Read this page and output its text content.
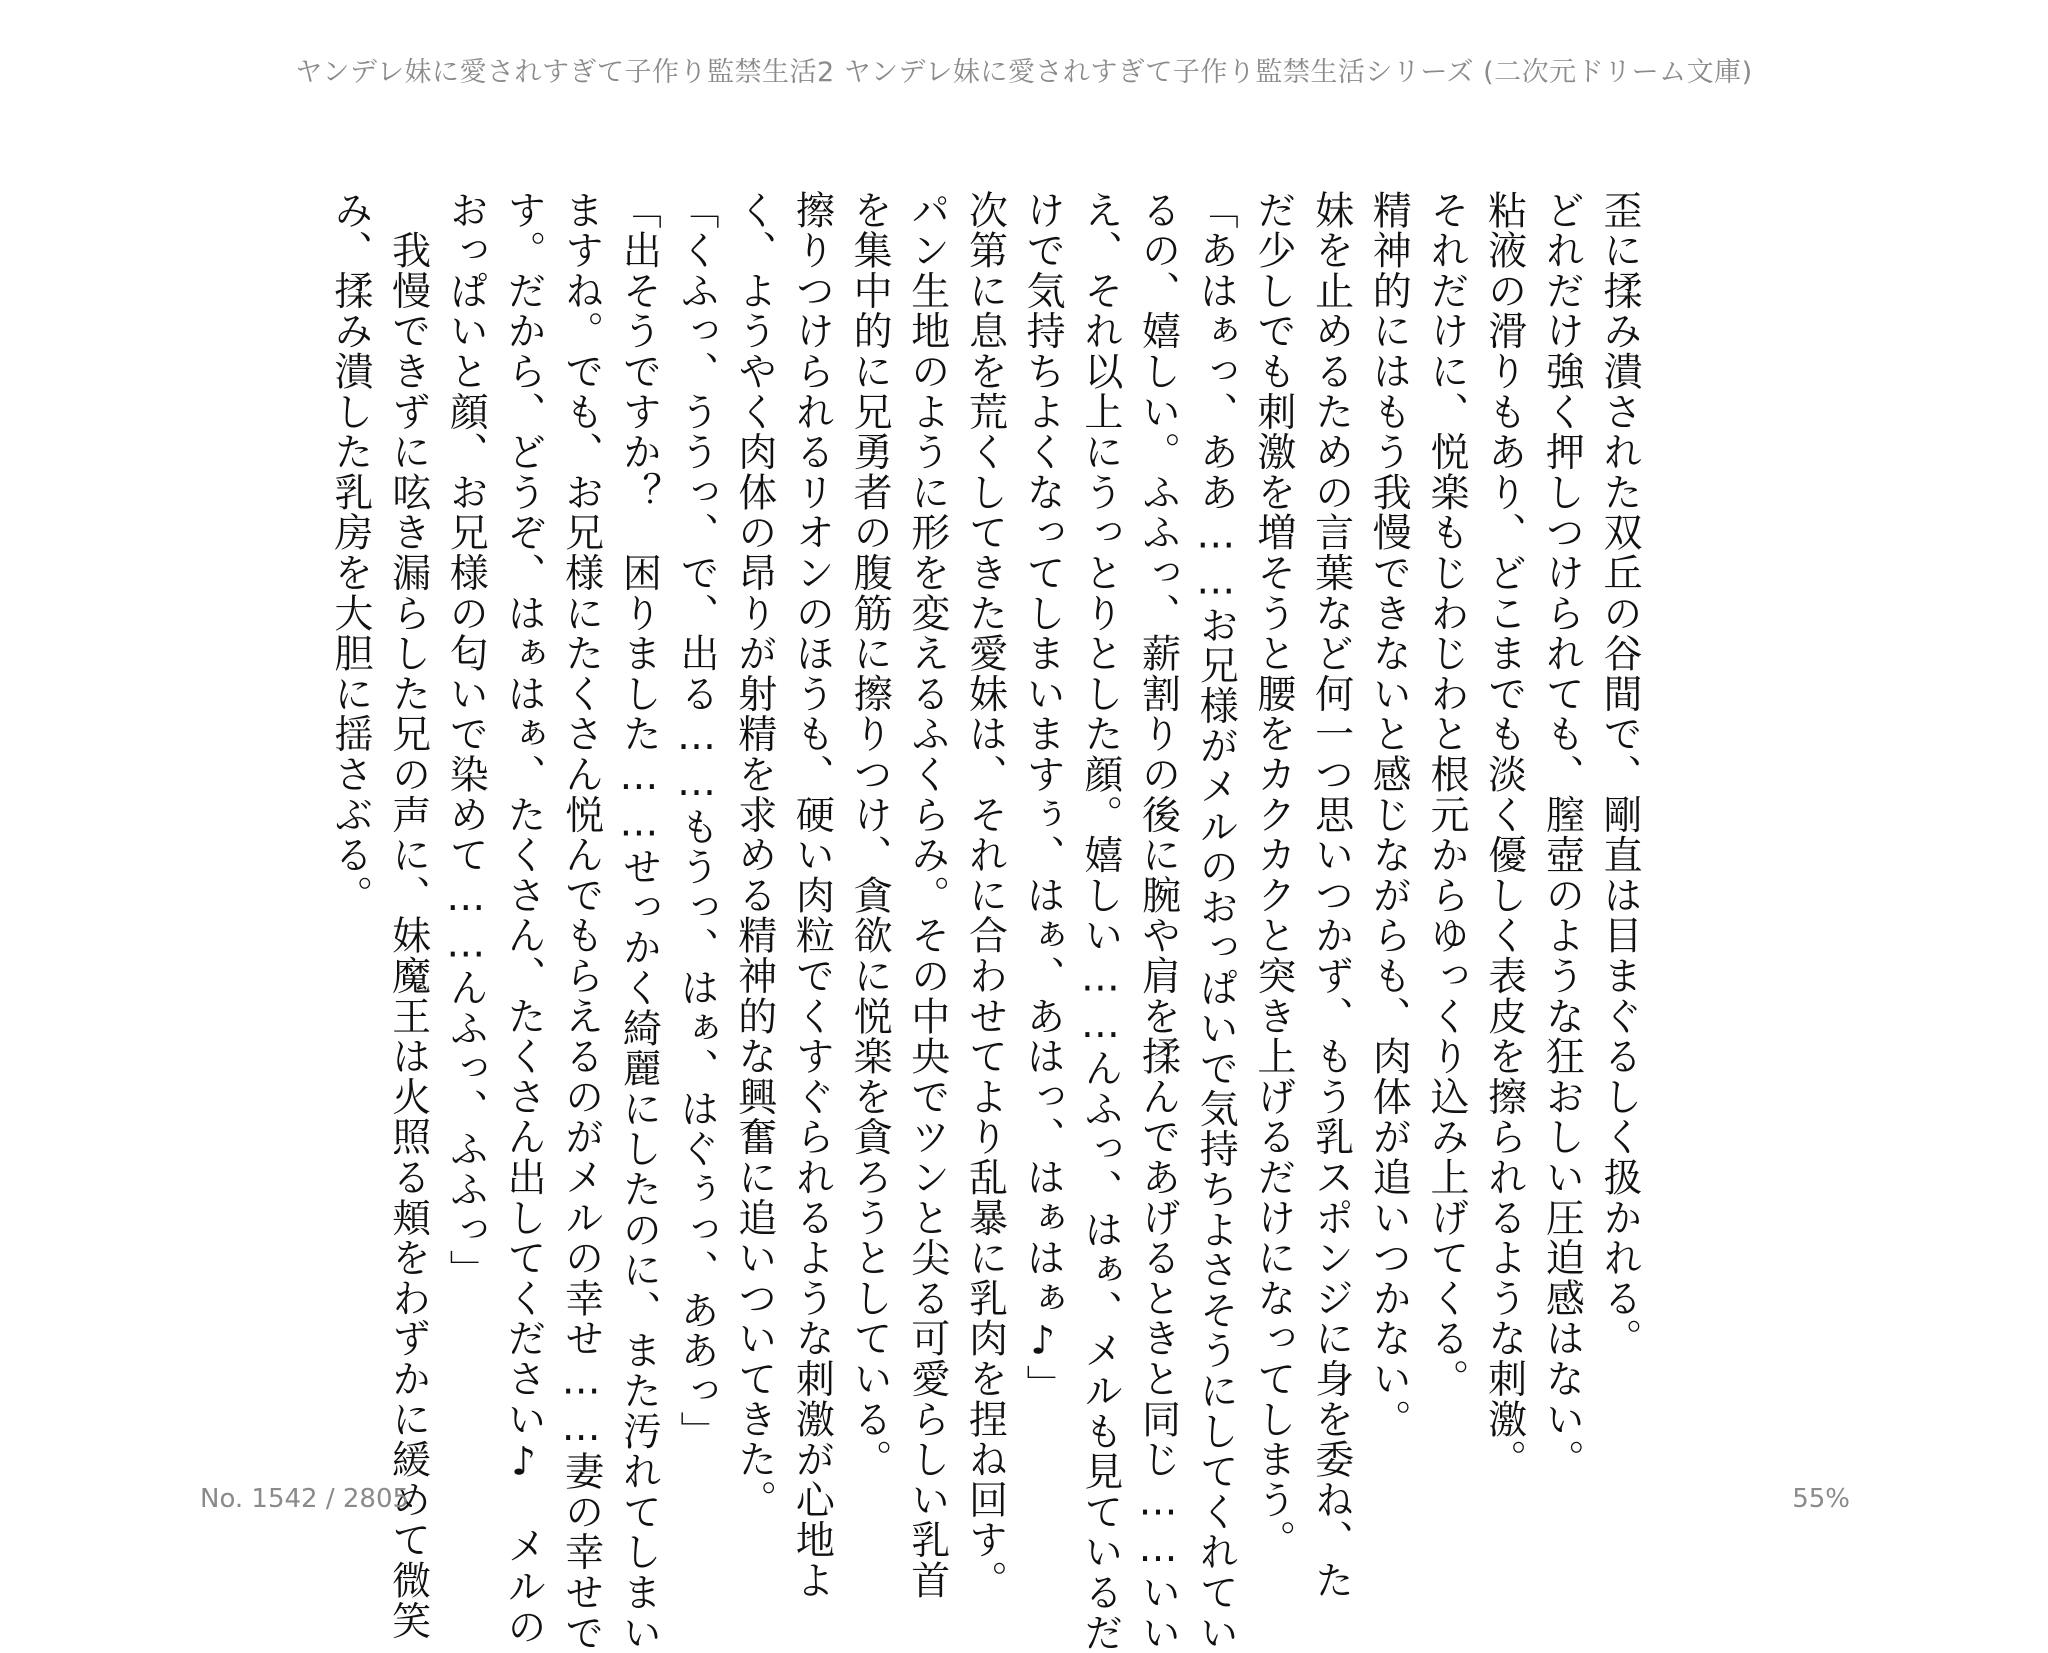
ヤンデレ妹に愛されすぎて子作り監禁生活2 ヤンデレ妹に愛されすぎて子作り監禁生活シリーズ (二次元ドリーム文庫)
歪に揉み潰された双丘の谷間で、剛直は目まぐるしく扱かれる。
どれだけ強く押しつけられても、膣壺のような狂おしい圧迫感はない。
粘液の滑りもあり、どこまでも淡く優しく表皮を擦られるような刺激。
それだけに、悦楽もじわじわと根元からゆっくり込み上げてくる。
精神的にはもう我慢できないと感じながらも、肉体が追いつかない。
妹を止めるための言葉など何一つ思いつかず、もう乳スポンジに身を委ね、た
だ少しでも刺激を増そうと腰をカクカクと突き上げるだけになってしまう。
「あはぁっ、ああ……お兄様がメルのおっぱいで気持ちよさそうにしてくれてい
るの、嬉しい。ふふっ、薪割りの後に腕や肩を揉んであげるときと同じ……いい
え、それ以上にうっとりとした顔。嬉しい……んふっ、はぁ、メルも見ているだ
けで気持ちよくなってしまいますぅ、はぁ、あはっ、はぁはぁ♪」
次第に息を荒くしてきた愛妹は、それに合わせてより乱暴に乳肉を捏ね回す。
パン生地のように形を変えるふくらみ。その中央でツンと尖る可愛らしい乳首
を集中的に兄勇者の腹筋に擦りつけ、貪欲に悦楽を貪ろうとしている。
擦りつけられるリオンのほうも、硬い肉粒でくすぐられるような刺激が心地よ
く、ようやく肉体の昂りが射精を求める精神的な興奮に追いついてきた。
「くふっ、ううっ、で、出る……もうっ、はぁ、はぐぅっ、ああっ」
「出そうですか？　困りました……せっかく綺麗にしたのに、また汚れてしまい
ますね。でも、お兄様にたくさん悦んでもらえるのがメルの幸せ……妻の幸せで
す。だから、どうぞ、はぁはぁ、たくさん、たくさん出してください♪　メルの
おっぱいと顔、お兄様の匂いで染めて……んふっ、ふふっ」
　我慢できずに呟き漏らした兄の声に、妹魔王は火照る頬をわずかに緩めて微笑
み、揉み潰した乳房を大胆に揺さぶる。
No. 1542 / 2805	55%
